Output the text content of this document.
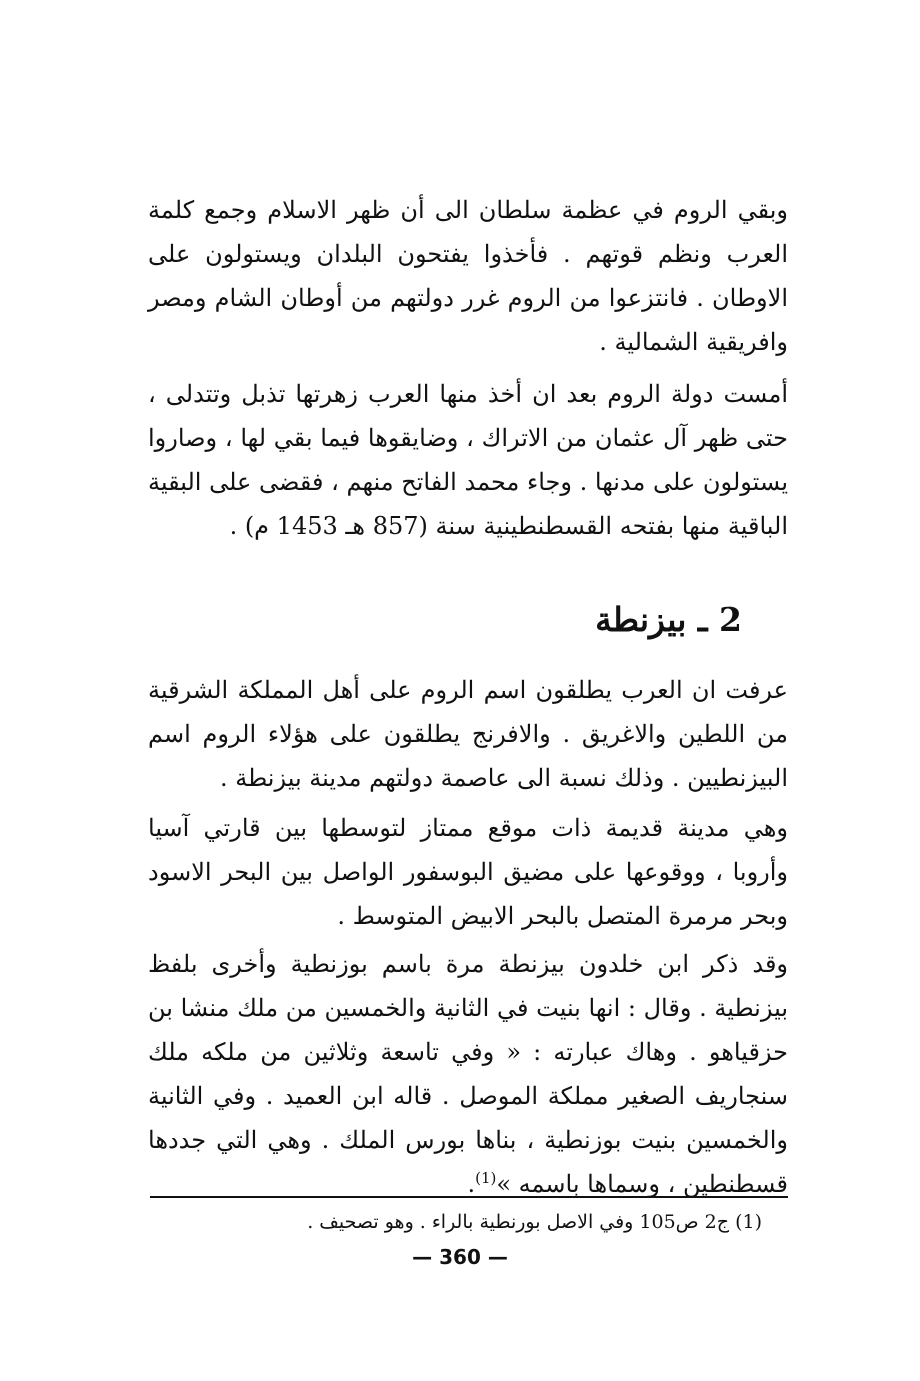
وبقي الروم في عظمة سلطان الى أن ظهر الاسلام وجمع كلمة العرب ونظم قوتهم . فأخذوا يفتحون البلدان ويستولون على الاوطان . فانتزعوا من الروم غرر دولتهم من أوطان الشام ومصر وافريقية الشمالية .

أمست دولة الروم بعد ان أخذ منها العرب زهرتها تذبل وتتدلى ، حتى ظهر آل عثمان من الاتراك ، وضايقوها فيما بقي لها ، وصاروا يستولون على مدنها . وجاء محمد الفاتح منهم ، فقضى على البقية الباقية منها بفتحه القسطنطينية سنة (857 هـ 1453 م) .

2 ـ بيزنطة

عرفت ان العرب يطلقون اسم الروم على أهل المملكة الشرقية من اللطين والاغريق . والافرنج يطلقون على هؤلاء الروم اسم البيزنطيين . وذلك نسبة الى عاصمة دولتهم مدينة بيزنطة .

وهي مدينة قديمة ذات موقع ممتاز لتوسطها بين قارتي آسيا وأروبا ، ووقوعها على مضيق البوسفور الواصل بين البحر الاسود وبحر مرمرة المتصل بالبحر الابيض المتوسط .

وقد ذكر ابن خلدون بيزنطة مرة باسم بوزنطية وأخرى بلفظ بيزنطية . وقال : انها بنيت في الثانية والخمسين من ملك منشا بن حزقياهو . وهاك عبارته : « وفي تاسعة وثلاثين من ملكه ملك سنجاريف الصغير مملكة الموصل . قاله ابن العميد . وفي الثانية والخمسين بنيت بوزنطية ، بناها بورس الملك . وهي التي جددها قسطنطين ، وسماها باسمه »$^{(1)}$.

(1) ج2 ص105 وفي الاصل بورنطية بالراء . وهو تصحيف .

— 360 —
